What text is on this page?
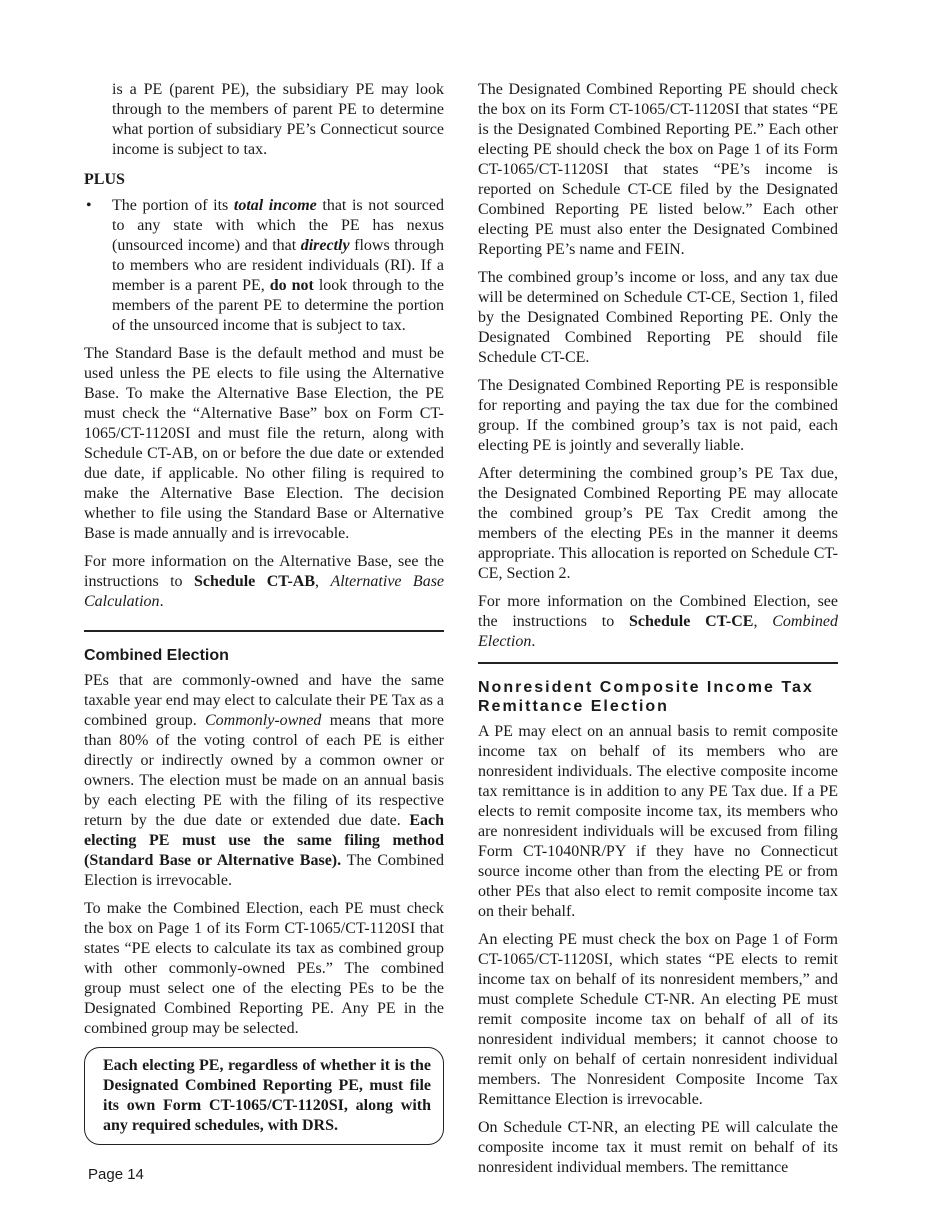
is a PE (parent PE), the subsidiary PE may look through to the members of parent PE to determine what portion of subsidiary PE’s Connecticut source income is subject to tax.

PLUS
• The portion of its total income that is not sourced to any state with which the PE has nexus (unsourced income) and that directly flows through to members who are resident individuals (RI). If a member is a parent PE, do not look through to the members of the parent PE to determine the portion of the unsourced income that is subject to tax.

The Standard Base is the default method and must be used unless the PE elects to file using the Alternative Base. To make the Alternative Base Election, the PE must check the “Alternative Base” box on Form CT-1065/CT-1120SI and must file the return, along with Schedule CT-AB, on or before the due date or extended due date, if applicable. No other filing is required to make the Alternative Base Election. The decision whether to file using the Standard Base or Alternative Base is made annually and is irrevocable.

For more information on the Alternative Base, see the instructions to Schedule CT-AB, Alternative Base Calculation.

Combined Election

PEs that are commonly-owned and have the same taxable year end may elect to calculate their PE Tax as a combined group. Commonly-owned means that more than 80% of the voting control of each PE is either directly or indirectly owned by a common owner or owners. The election must be made on an annual basis by each electing PE with the filing of its respective return by the due date or extended due date. Each electing PE must use the same filing method (Standard Base or Alternative Base). The Combined Election is irrevocable.

To make the Combined Election, each PE must check the box on Page 1 of its Form CT-1065/CT-1120SI that states “PE elects to calculate its tax as combined group with other commonly-owned PEs.” The combined group must select one of the electing PEs to be the Designated Combined Reporting PE. Any PE in the combined group may be selected.

Each electing PE, regardless of whether it is the Designated Combined Reporting PE, must file its own Form CT-1065/CT-1120SI, along with any required schedules, with DRS.

The Designated Combined Reporting PE should check the box on its Form CT-1065/CT-1120SI that states “PE is the Designated Combined Reporting PE.” Each other electing PE should check the box on Page 1 of its Form CT-1065/CT-1120SI that states “PE’s income is reported on Schedule CT-CE filed by the Designated Combined Reporting PE listed below.” Each other electing PE must also enter the Designated Combined Reporting PE’s name and FEIN.

The combined group’s income or loss, and any tax due will be determined on Schedule CT-CE, Section 1, filed by the Designated Combined Reporting PE. Only the Designated Combined Reporting PE should file Schedule CT-CE.

The Designated Combined Reporting PE is responsible for reporting and paying the tax due for the combined group. If the combined group’s tax is not paid, each electing PE is jointly and severally liable.

After determining the combined group’s PE Tax due, the Designated Combined Reporting PE may allocate the combined group’s PE Tax Credit among the members of the electing PEs in the manner it deems appropriate. This allocation is reported on Schedule CT-CE, Section 2.

For more information on the Combined Election, see the instructions to Schedule CT-CE, Combined Election.

Nonresident Composite Income Tax Remittance Election

A PE may elect on an annual basis to remit composite income tax on behalf of its members who are nonresident individuals. The elective composite income tax remittance is in addition to any PE Tax due. If a PE elects to remit composite income tax, its members who are nonresident individuals will be excused from filing Form CT-1040NR/PY if they have no Connecticut source income other than from the electing PE or from other PEs that also elect to remit composite income tax on their behalf.

An electing PE must check the box on Page 1 of Form CT-1065/CT-1120SI, which states “PE elects to remit income tax on behalf of its nonresident members,” and must complete Schedule CT-NR. An electing PE must remit composite income tax on behalf of all of its nonresident individual members; it cannot choose to remit only on behalf of certain nonresident individual members. The Nonresident Composite Income Tax Remittance Election is irrevocable.

On Schedule CT-NR, an electing PE will calculate the composite income tax it must remit on behalf of its nonresident individual members. The remittance

Page 14
